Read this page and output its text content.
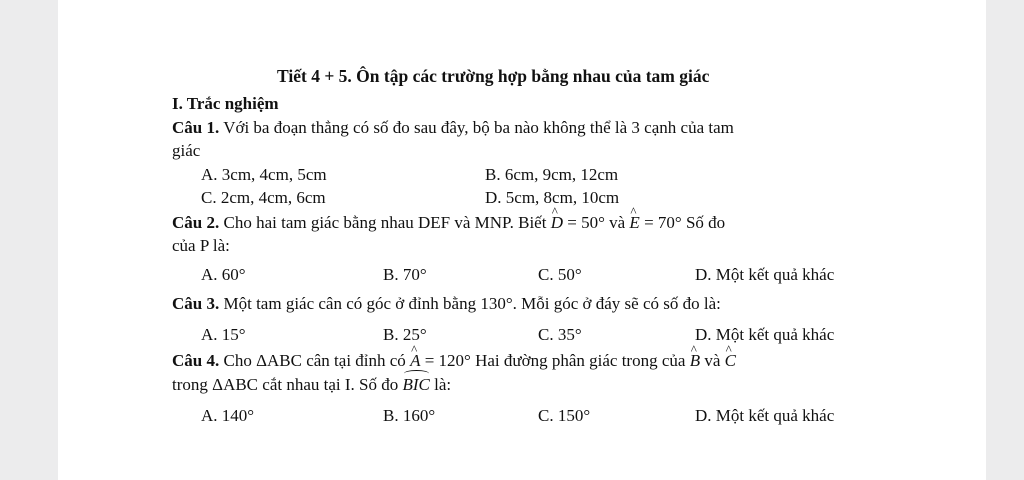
Tiết 4 + 5. Ôn tập các trường hợp bằng nhau của tam giác
I. Trắc nghiệm
Câu 1. Với ba đoạn thẳng có số đo sau đây, bộ ba nào không thể là 3 cạnh của tam
giác
A. 3cm, 4cm, 5cm	B. 6cm, 9cm, 12cm
C. 2cm, 4cm, 6cm	D. 5cm, 8cm, 10cm
Câu 2. Cho hai tam giác bằng nhau DEF và MNP. Biết ^ D = 50° và ^ E = 70° Số đo
của P là:
A. 60°	B. 70°	C. 50°	D. Một kết quả khác
Câu 3. Một tam giác cân có góc ở đỉnh bằng 130°. Mỗi góc ở đáy sẽ có số đo là:
A. 15°	B. 25°	C. 35°	D. Một kết quả khác
Câu 4. Cho ΔABC cân tại đỉnh có ^ A = 120° Hai đường phân giác trong của ^ B và ^ C
trong ΔABC cắt nhau tại I. Số đo BIC là:
A. 140°	B. 160°	C. 150°	D. Một kết quả khác
